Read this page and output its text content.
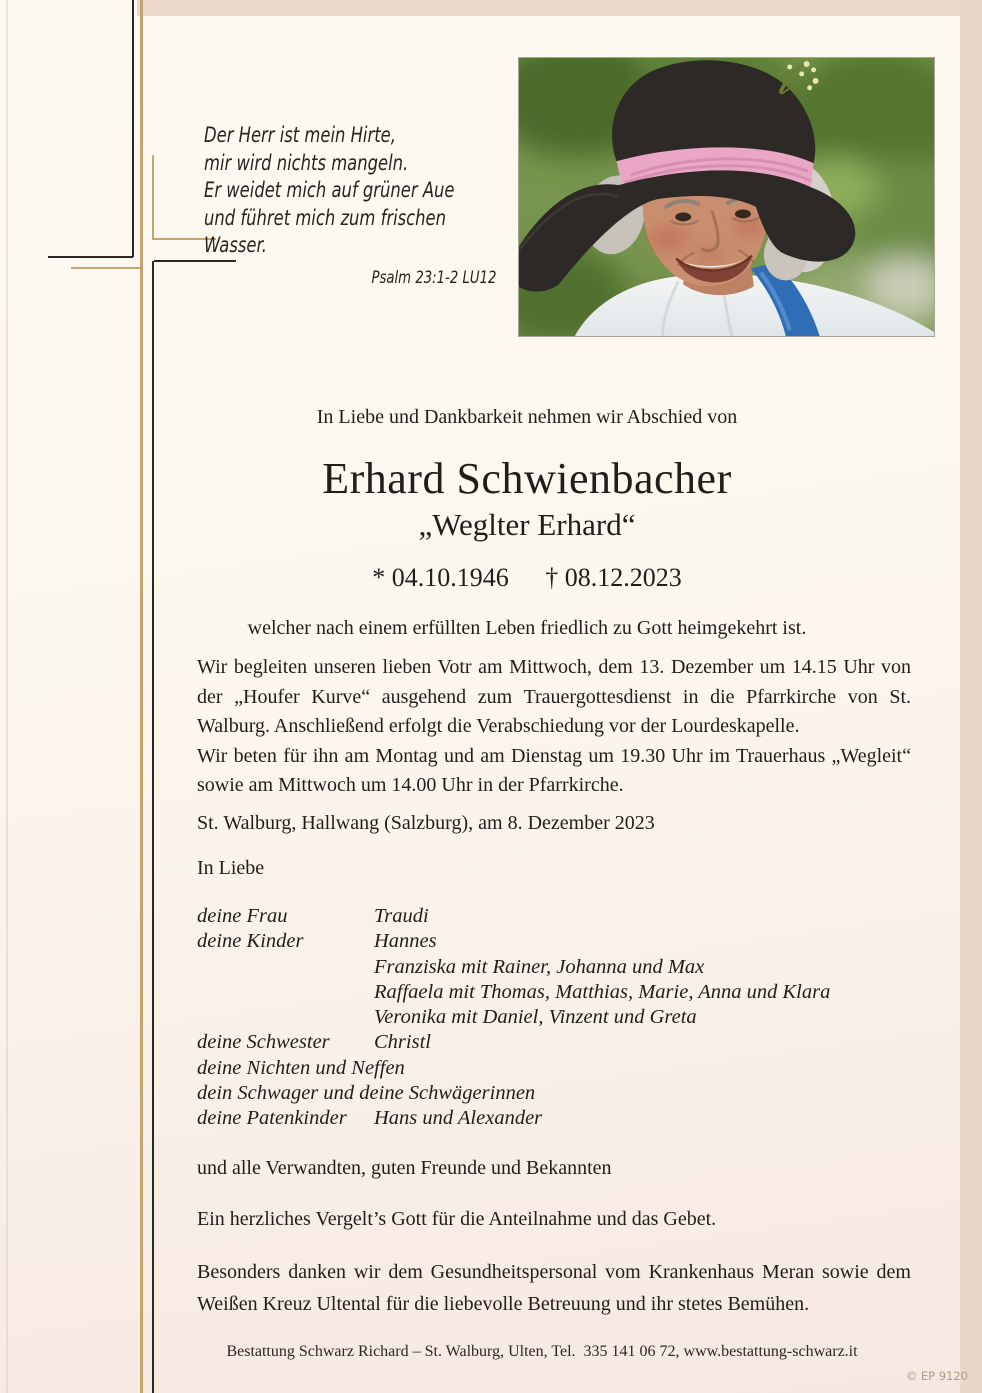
Der Herr ist mein Hirte,
mir wird nichts mangeln.
Er weidet mich auf grüner Aue
und führet mich zum frischen Wasser.
Psalm 23:1-2 LU12
In Liebe und Dankbarkeit nehmen wir Abschied von
Erhard Schwienbacher
„Weglter Erhard“
* 04.10.1946 † 08.12.2023
welcher nach einem erfüllten Leben friedlich zu Gott heimgekehrt ist.

Wir begleiten unseren lieben Votr am Mittwoch, dem 13. Dezember um 14.15 Uhr von der „Houfer Kurve“ ausgehend zum Trauergottesdienst in die Pfarrkirche von St. Walburg. Anschließend erfolgt die Verabschiedung vor der Lourdeskapelle.

Wir beten für ihn am Montag und am Dienstag um 19.30 Uhr im Trauerhaus „Wegleit“ sowie am Mittwoch um 14.00 Uhr in der Pfarrkirche.

St. Walburg, Hallwang (Salzburg), am 8. Dezember 2023
In Liebe
deine Frau	Traudi
deine Kinder	Hannes
Franziska mit Rainer, Johanna und Max
Raffaela mit Thomas, Matthias, Marie, Anna und Klara
Veronika mit Daniel, Vinzent und Greta
deine Schwester	Christl
deine Nichten und Neffen
dein Schwager und deine Schwägerinnen
deine Patenkinder	Hans und Alexander
und alle Verwandten, guten Freunde und Bekannten
Ein herzliches Vergelt’s Gott für die Anteilnahme und das Gebet.
Besonders danken wir dem Gesundheitspersonal vom Krankenhaus Meran sowie dem Weißen Kreuz Ultental für die liebevolle Betreuung und ihr stetes Bemühen.
Bestattung Schwarz Richard – St. Walburg, Ulten, Tel.  335 141 06 72, www.bestattung-schwarz.it
© EP 9120
